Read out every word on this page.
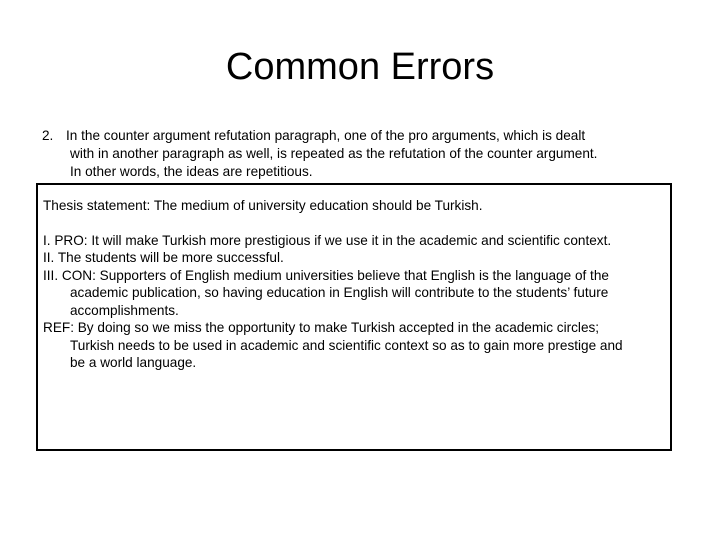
Common Errors
2. In the counter argument refutation paragraph, one of the pro arguments, which is dealt
with in another paragraph as well, is repeated as the refutation of the counter argument.
In other words, the ideas are repetitious.
Thesis statement: The medium of university education should be Turkish.
I. PRO: It will make Turkish more prestigious if we use it in the academic and scientific context.
II. The students will be more successful.
III. CON: Supporters of English medium universities believe that English is the language of the
academic publication, so having education in English will contribute to the students’ future
accomplishments.
REF: By doing so we miss the opportunity to make Turkish accepted in the academic circles;
Turkish needs to be used in academic and scientific context so as to gain more prestige and
be a world language.
